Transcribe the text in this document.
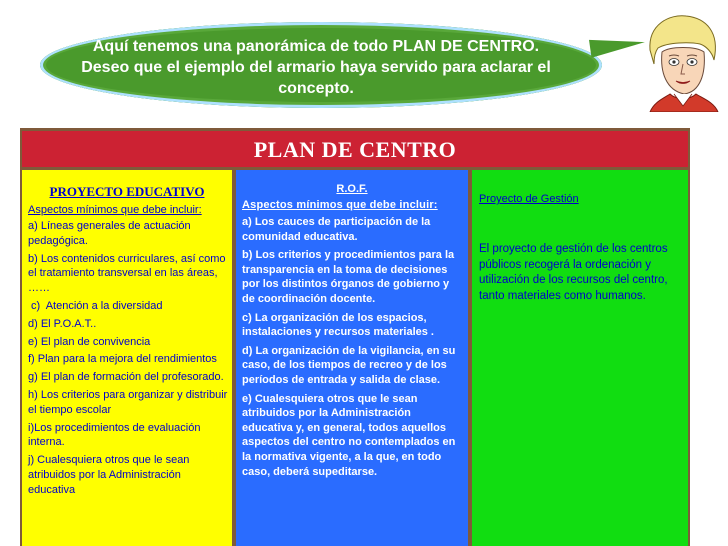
Aquí tenemos una panorámica de todo PLAN DE CENTRO. Deseo que el ejemplo del armario haya servido para aclarar el concepto.
PLAN DE CENTRO
PROYECTO EDUCATIVO
Aspectos mínimos que debe incluir:
a) Líneas generales de actuación pedagógica.
b) Los contenidos curriculares, así como el tratamiento transversal en las áreas, ……
c)  Atención a la diversidad
d) El P.O.A.T..
e) El plan de convivencia
f) Plan para la mejora del rendimientos
g) El plan de formación del profesorado.
h) Los criterios para organizar y distribuir el tiempo escolar
i)Los procedimientos de evaluación interna.
j) Cualesquiera otros que le sean atribuidos por la Administración educativa
R.O.F.
Aspectos mínimos que debe incluir:
a) Los cauces de participación de la comunidad educativa.
b) Los criterios y procedimientos para la transparencia en la toma de decisiones por los distintos órganos de gobierno y de coordinación docente.
c) La organización de los espacios, instalaciones y recursos materiales .
d) La organización de la vigilancia, en su caso, de los tiempos de recreo y de los períodos de entrada y salida de clase.
e) Cualesquiera otros que le sean atribuidos por la Administración educativa y, en general, todos aquellos aspectos del centro no contemplados en la normativa vigente, a la que, en todo caso, deberá supeditarse.
Proyecto de Gestión
El proyecto de gestión de los centros públicos recogerá la ordenación y utilización de los recursos del centro, tanto materiales como humanos.
